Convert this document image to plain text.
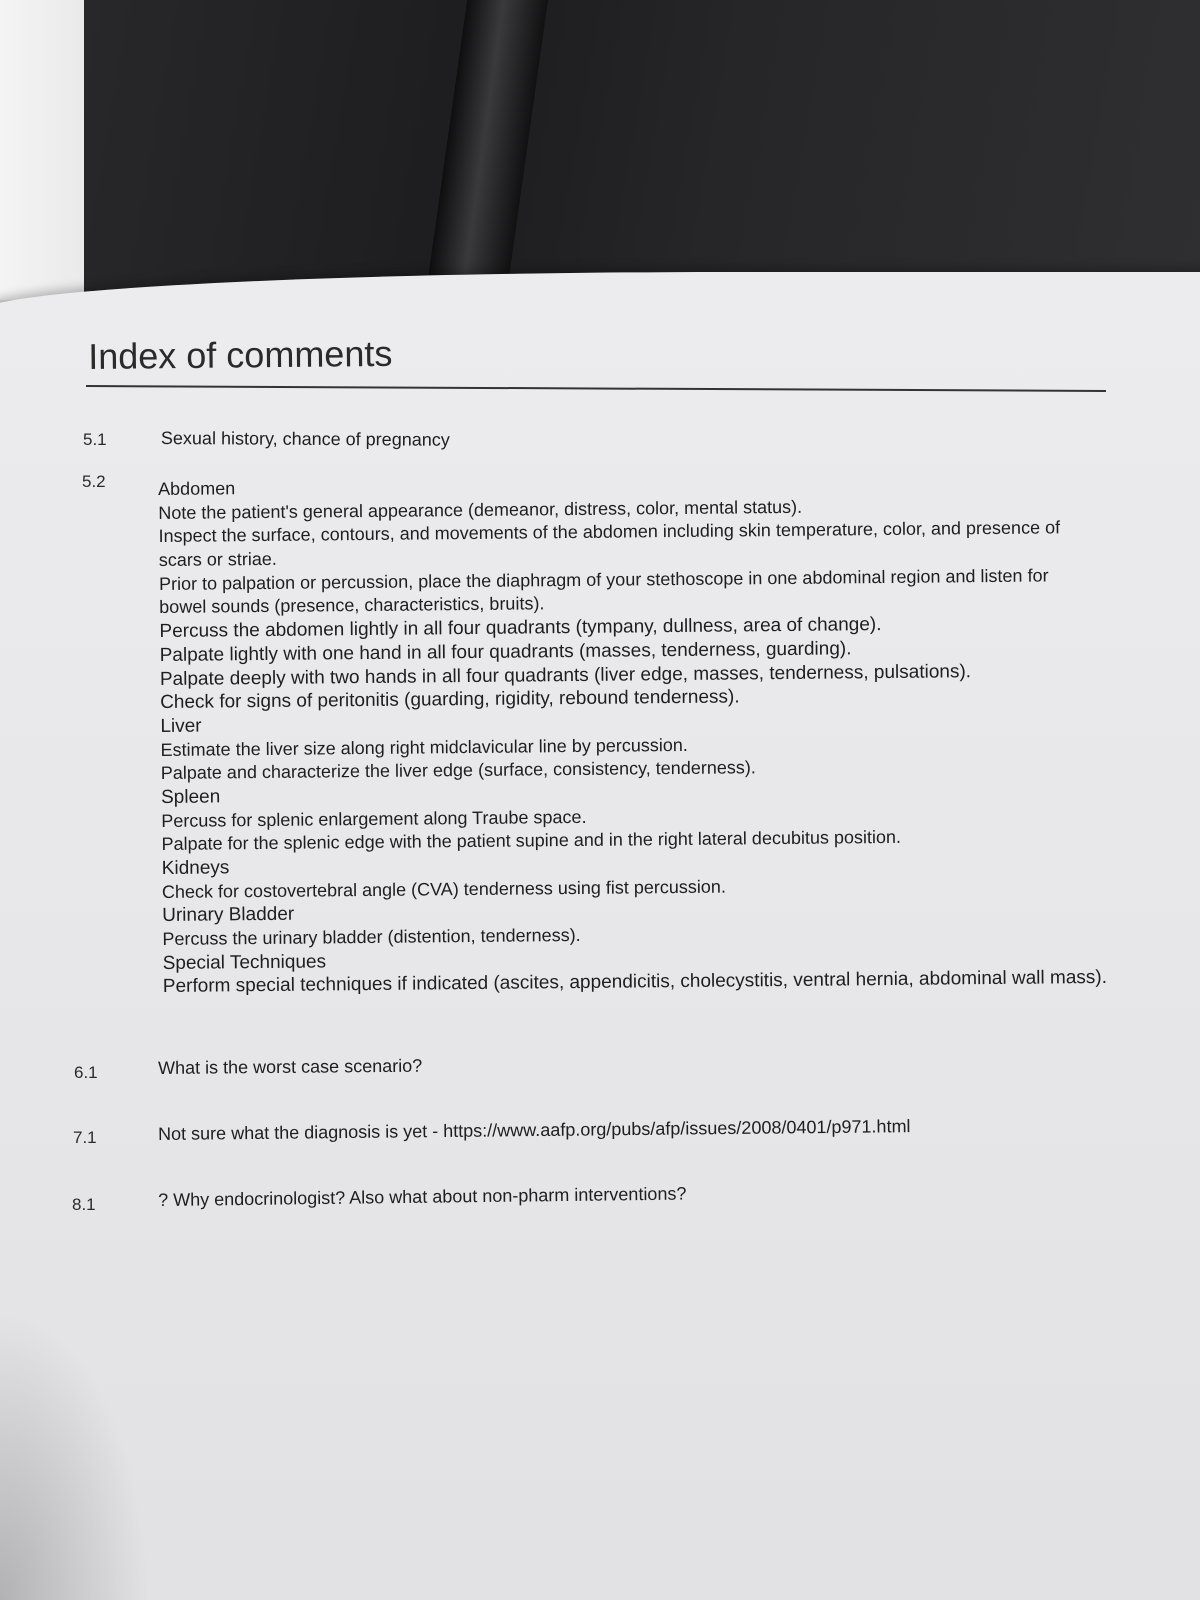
Index of comments
5.1	Sexual history, chance of pregnancy
5.2	Abdomen
Note the patient's general appearance (demeanor, distress, color, mental status).
Inspect the surface, contours, and movements of the abdomen including skin temperature, color, and presence of
scars or striae.
Prior to palpation or percussion, place the diaphragm of your stethoscope in one abdominal region and listen for
bowel sounds (presence, characteristics, bruits).
Percuss the abdomen lightly in all four quadrants (tympany, dullness, area of change).
Palpate lightly with one hand in all four quadrants (masses, tenderness, guarding).
Palpate deeply with two hands in all four quadrants (liver edge, masses, tenderness, pulsations).
Check for signs of peritonitis (guarding, rigidity, rebound tenderness).
Liver
Estimate the liver size along right midclavicular line by percussion.
Palpate and characterize the liver edge (surface, consistency, tenderness).
Spleen
Percuss for splenic enlargement along Traube space.
Palpate for the splenic edge with the patient supine and in the right lateral decubitus position.
Kidneys
Check for costovertebral angle (CVA) tenderness using fist percussion.
Urinary Bladder
Percuss the urinary bladder (distention, tenderness).
Special Techniques
Perform special techniques if indicated (ascites, appendicitis, cholecystitis, ventral hernia, abdominal wall mass).
6.1	What is the worst case scenario?
7.1	Not sure what the diagnosis is yet - https://www.aafp.org/pubs/afp/issues/2008/0401/p971.html
8.1	? Why endocrinologist? Also what about non-pharm interventions?
